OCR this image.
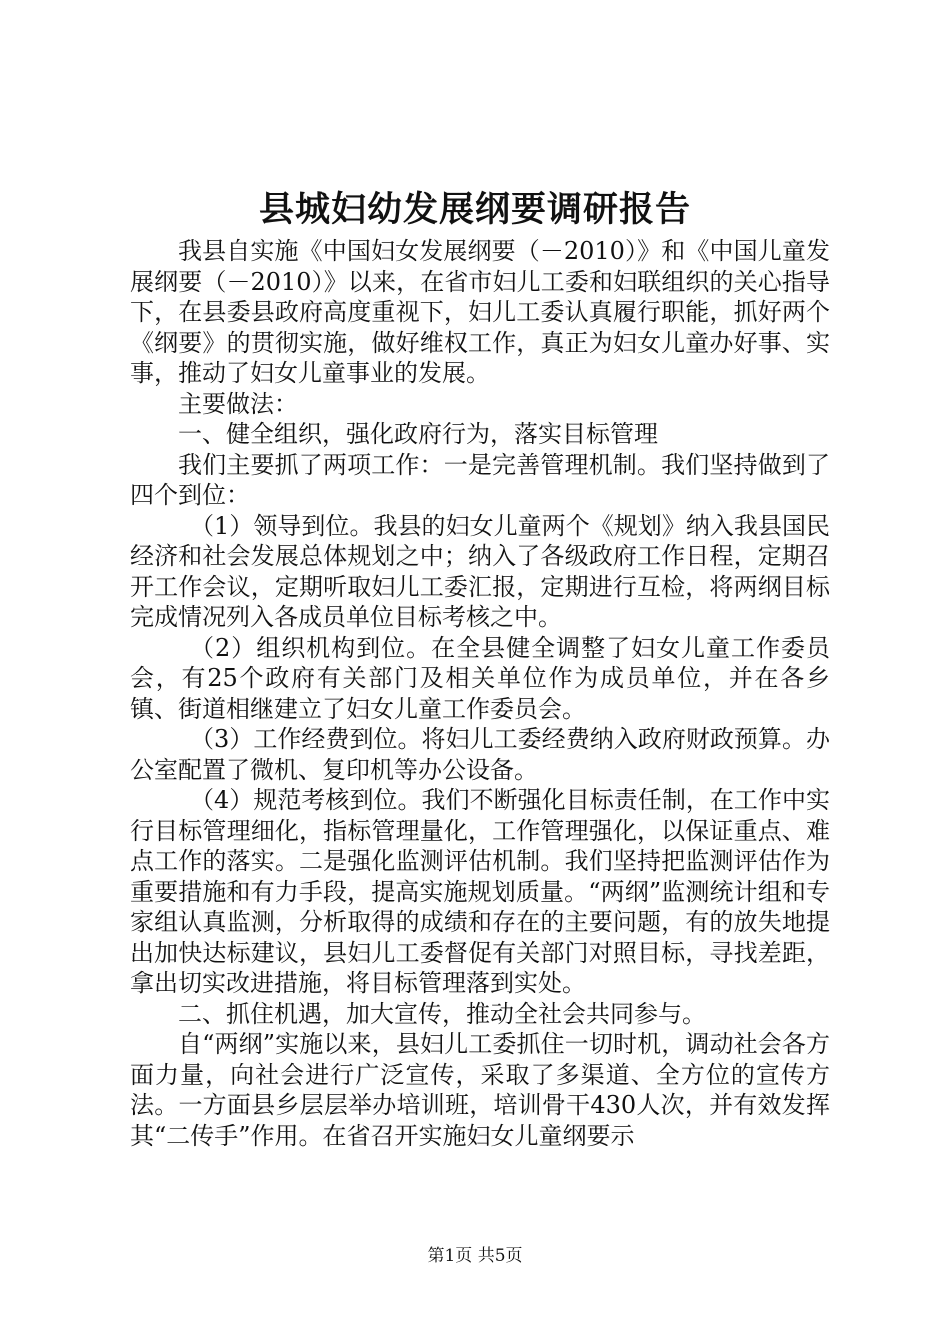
县城妇幼发展纲要调研报告

我县自实施《中国妇女发展纲要（－2010）》和《中国儿童发展纲要（－2010）》以来，在省市妇儿工委和妇联组织的关心指导下，在县委县政府高度重视下，妇儿工委认真履行职能，抓好两个《纲要》的贯彻实施，做好维权工作，真正为妇女儿童办好事、实事，推动了妇女儿童事业的发展。

主要做法：

一、健全组织，强化政府行为，落实目标管理

我们主要抓了两项工作：一是完善管理机制。我们坚持做到了四个到位：

（1）领导到位。我县的妇女儿童两个《规划》纳入我县国民经济和社会发展总体规划之中；纳入了各级政府工作日程，定期召开工作会议，定期听取妇儿工委汇报，定期进行互检，将两纲目标完成情况列入各成员单位目标考核之中。

（2）组织机构到位。在全县健全调整了妇女儿童工作委员会，有25个政府有关部门及相关单位作为成员单位，并在各乡镇、街道相继建立了妇女儿童工作委员会。

（3）工作经费到位。将妇儿工委经费纳入政府财政预算。办公室配置了微机、复印机等办公设备。

（4）规范考核到位。我们不断强化目标责任制，在工作中实行目标管理细化，指标管理量化，工作管理强化，以保证重点、难点工作的落实。二是强化监测评估机制。我们坚持把监测评估作为重要措施和有力手段，提高实施规划质量。“两纲”监测统计组和专家组认真监测，分析取得的成绩和存在的主要问题，有的放失地提出加快达标建议，县妇儿工委督促有关部门对照目标，寻找差距，拿出切实改进措施，将目标管理落到实处。

二、抓住机遇，加大宣传，推动全社会共同参与。

自“两纲”实施以来，县妇儿工委抓住一切时机，调动社会各方面力量，向社会进行广泛宣传，采取了多渠道、全方位的宣传方法。一方面县乡层层举办培训班，培训骨干430人次，并有效发挥其“二传手”作用。在省召开实施妇女儿童纲要示

第1页 共5页
